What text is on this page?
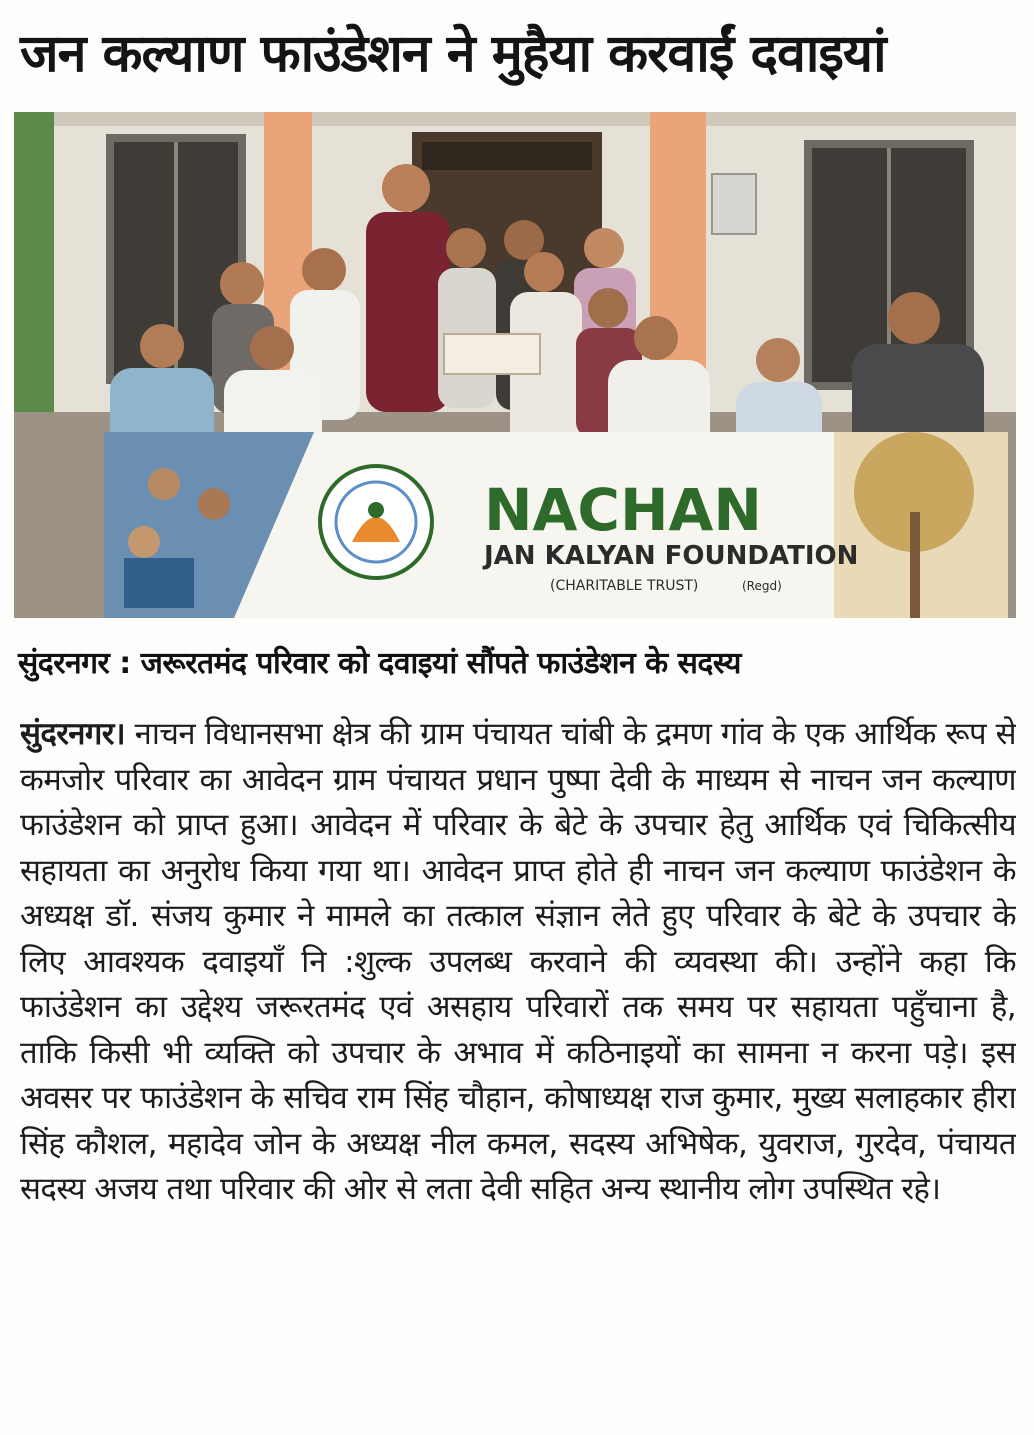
जन कल्याण फाउंडेशन ने मुहैया करवाईं दवाइयां
NACHAN
JAN KALYAN FOUNDATION
(CHARITABLE TRUST)	(Regd)
सुंदरनगर : जरूरतमंद परिवार को दवाइयां सौंपते फाउंडेशन के सदस्य

सुंदरनगर। नाचन विधानसभा क्षेत्र की ग्राम पंचायत चांबी के द्रमण गांव के एक आर्थिक रूप से कमजोर परिवार का आवेदन ग्राम पंचायत प्रधान पुष्पा देवी के माध्यम से नाचन जन कल्याण फाउंडेशन को प्राप्त हुआ। आवेदन में परिवार के बेटे के उपचार हेतु आर्थिक एवं चिकित्सीय सहायता का अनुरोध किया गया था। आवेदन प्राप्त होते ही नाचन जन कल्याण फाउंडेशन के अध्यक्ष डॉ. संजय कुमार ने मामले का तत्काल संज्ञान लेते हुए परिवार के बेटे के उपचार के लिए आवश्यक दवाइयाँ नि :शुल्क उपलब्ध करवाने की व्यवस्था की। उन्होंने कहा कि फाउंडेशन का उद्देश्य जरूरतमंद एवं असहाय परिवारों तक समय पर सहायता पहुँचाना है, ताकि किसी भी व्यक्ति को उपचार के अभाव में कठिनाइयों का सामना न करना पड़े। इस अवसर पर फाउंडेशन के सचिव राम सिंह चौहान, कोषाध्यक्ष राज कुमार, मुख्य सलाहकार हीरा सिंह कौशल, महादेव जोन के अध्यक्ष नील कमल, सदस्य अभिषेक, युवराज, गुरदेव, पंचायत सदस्य अजय तथा परिवार की ओर से लता देवी सहित अन्य स्थानीय लोग उपस्थित रहे।
